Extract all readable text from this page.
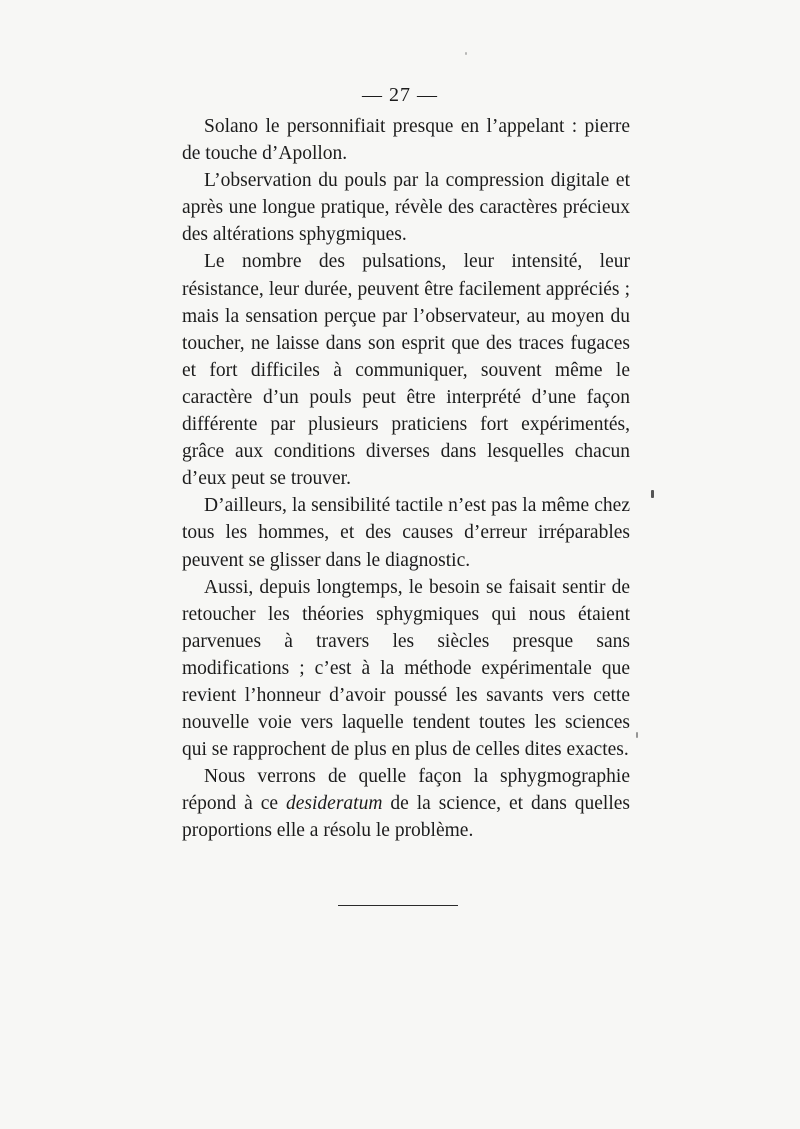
— 27 —

Solano le personnifiait presque en l’appelant : pierre de touche d’Apollon.

L’observation du pouls par la compression digitale et après une longue pratique, révèle des caractères précieux des altérations sphygmiques.

Le nombre des pulsations, leur intensité, leur résistance, leur durée, peuvent être facilement appréciés ; mais la sensation perçue par l’observateur, au moyen du toucher, ne laisse dans son esprit que des traces fugaces et fort difficiles à communiquer, souvent même le caractère d’un pouls peut être interprété d’une façon différente par plusieurs praticiens fort expérimentés, grâce aux conditions diverses dans lesquelles chacun d’eux peut se trouver.

D’ailleurs, la sensibilité tactile n’est pas la même chez tous les hommes, et des causes d’erreur irréparables peuvent se glisser dans le diagnostic.

Aussi, depuis longtemps, le besoin se faisait sentir de retoucher les théories sphygmiques qui nous étaient parvenues à travers les siècles presque sans modifications ; c’est à la méthode expérimentale que revient l’honneur d’avoir poussé les savants vers cette nouvelle voie vers laquelle tendent toutes les sciences qui se rapprochent de plus en plus de celles dites exactes.

Nous verrons de quelle façon la sphygmographie répond à ce desideratum de la science, et dans quelles proportions elle a résolu le problème.
